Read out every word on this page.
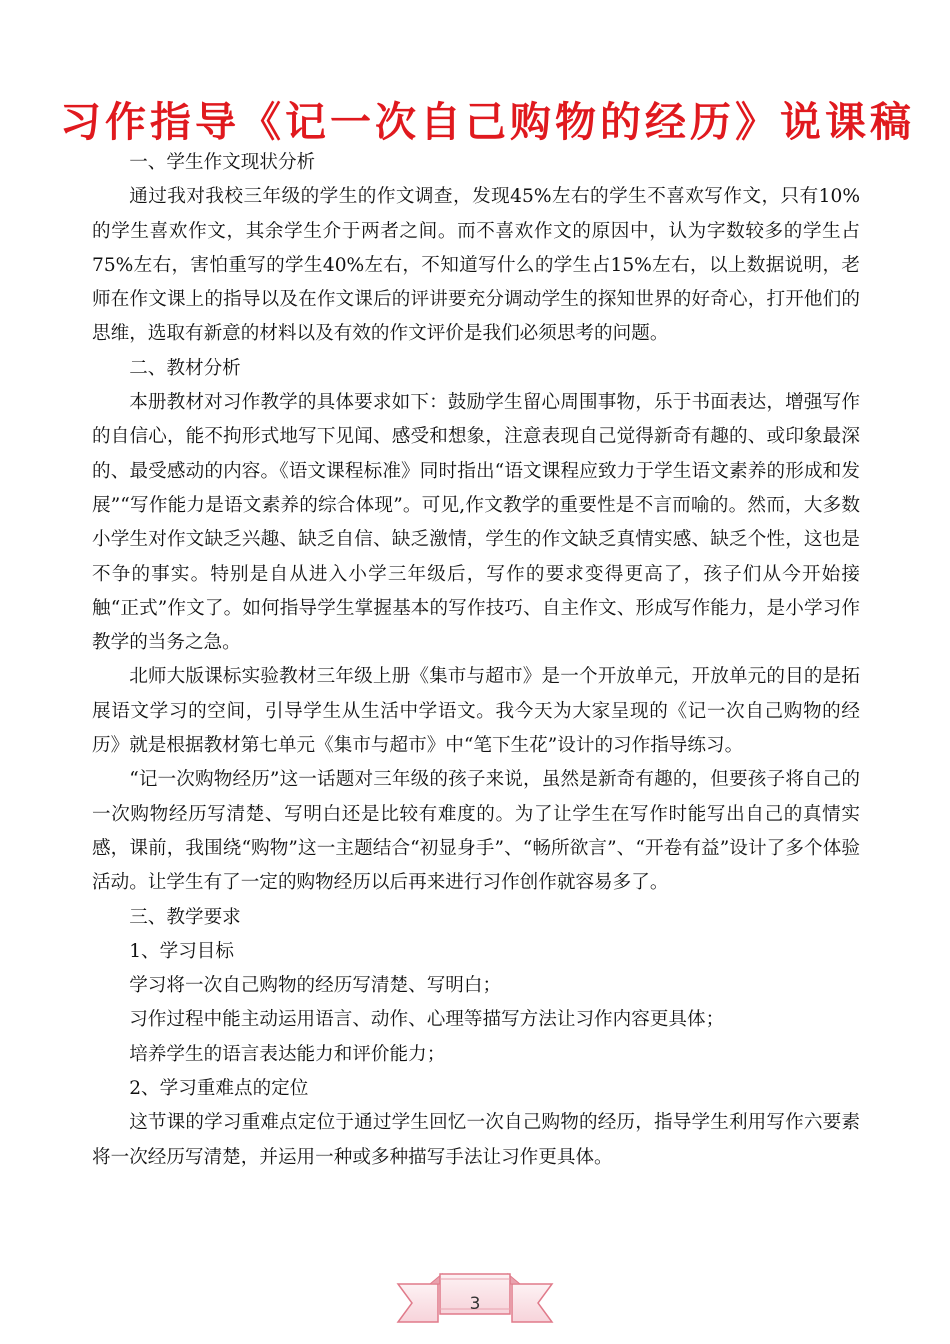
习作指导《记一次自己购物的经历》说课稿

一、学生作文现状分析

通过我对我校三年级的学生的作文调查，发现45%左右的学生不喜欢写作文，只有10%的学生喜欢作文，其余学生介于两者之间。而不喜欢作文的原因中，认为字数较多的学生占75%左右，害怕重写的学生40%左右，不知道写什么的学生占15%左右，以上数据说明，老师在作文课上的指导以及在作文课后的评讲要充分调动学生的探知世界的好奇心，打开他们的思维，选取有新意的材料以及有效的作文评价是我们必须思考的问题。

二、教材分析

本册教材对习作教学的具体要求如下：鼓励学生留心周围事物，乐于书面表达，增强写作的自信心，能不拘形式地写下见闻、感受和想象，注意表现自己觉得新奇有趣的、或印象最深的、最受感动的内容。《语文课程标准》同时指出“语文课程应致力于学生语文素养的形成和发展”“写作能力是语文素养的综合体现”。可见,作文教学的重要性是不言而喻的。然而，大多数小学生对作文缺乏兴趣、缺乏自信、缺乏激情，学生的作文缺乏真情实感、缺乏个性，这也是不争的事实。特别是自从进入小学三年级后，写作的要求变得更高了，孩子们从今开始接触“正式”作文了。如何指导学生掌握基本的写作技巧、自主作文、形成写作能力，是小学习作教学的当务之急。

北师大版课标实验教材三年级上册《集市与超市》是一个开放单元，开放单元的目的是拓展语文学习的空间，引导学生从生活中学语文。我今天为大家呈现的《记一次自己购物的经历》就是根据教材第七单元《集市与超市》中“笔下生花”设计的习作指导练习。

“记一次购物经历”这一话题对三年级的孩子来说，虽然是新奇有趣的，但要孩子将自己的一次购物经历写清楚、写明白还是比较有难度的。为了让学生在写作时能写出自己的真情实感，课前，我围绕“购物”这一主题结合“初显身手”、“畅所欲言”、“开卷有益”设计了多个体验活动。让学生有了一定的购物经历以后再来进行习作创作就容易多了。

三、教学要求

1、学习目标

学习将一次自己购物的经历写清楚、写明白；

习作过程中能主动运用语言、动作、心理等描写方法让习作内容更具体；

培养学生的语言表达能力和评价能力；

2、学习重难点的定位

这节课的学习重难点定位于通过学生回忆一次自己购物的经历，指导学生利用写作六要素将一次经历写清楚，并运用一种或多种描写手法让习作更具体。

3
